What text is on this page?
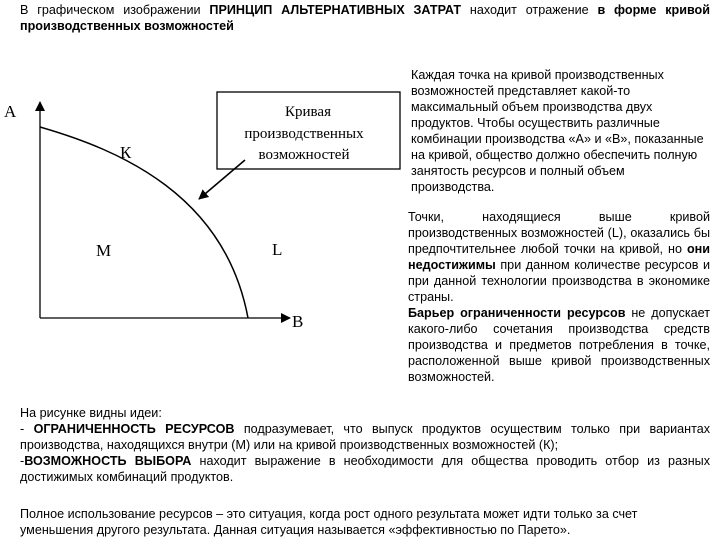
В графическом изображении ПРИНЦИП АЛЬТЕРНАТИВНЫХ ЗАТРАТ находит отражение в форме кривой производственных возможностей

Кривая
производственных
возможностей
A
B
К
М	L

Каждая точка на кривой производственных возможностей представляет какой-то максимальный объем производства двух продуктов. Чтобы осуществить различные комбинации производства «А» и «В», показанные на кривой, общество должно обеспечить полную занятость ресурсов и полный объем производства.

Точки, находящиеся выше кривой производственных возможностей (L), оказались бы предпочтительнее любой точки на кривой, но они недостижимы при данном количестве ресурсов и при данной технологии производства в экономике страны.
Барьер ограниченности ресурсов не допускает какого-либо сочетания производства средств производства и предметов потребления в точке, расположенной выше кривой производственных возможностей.
На рисунке видны идеи:
- ОГРАНИЧЕННОСТЬ РЕСУРСОВ подразумевает, что выпуск продуктов осуществим только при вариантах производства, находящихся внутри (М) или на кривой производственных возможностей (К);
-ВОЗМОЖНОСТЬ ВЫБОРА находит выражение в необходимости для общества проводить отбор из разных достижимых комбинаций продуктов.

Полное использование ресурсов – это ситуация, когда рост одного результата может идти только за счет уменьшения другого результата. Данная ситуация называется «эффективностью по Парето».
